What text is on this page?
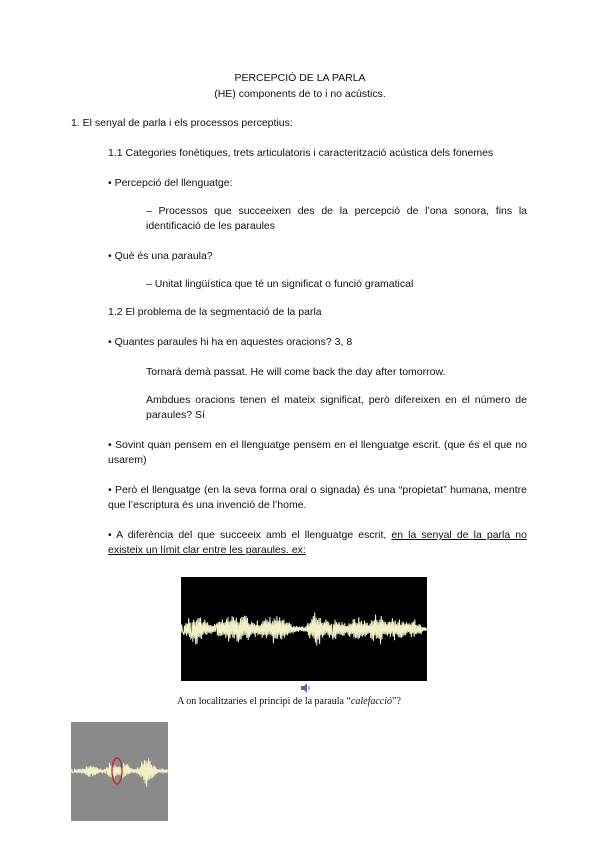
PERCEPCIÓ DE LA PARLA
(HE) components de to i no acústics.
1. El senyal de parla i els processos perceptius:
1.1 Categories fonètiques, trets articulatoris i caracterització acústica dels fonemes
• Percepció del llenguatge:
– Processos que succeeixen des de la percepció de l’ona sonora, fins la identificació de les paraules
• Què és una paraula?
– Unitat lingüística que té un significat o funció gramatical
1.2 El problema de la segmentació de la parla
• Quantes paraules hi ha en aquestes oracions? 3, 8
Tornarà demà passat. He will come back the day after tomorrow.
Ambdues oracions tenen el mateix significat, però difereixen en el número de paraules? Sí
• Sovint quan pensem en el llenguatge pensem en el llenguatge escrit. (que és el que no usarem)
• Però el llenguatge (en la seva forma oral o signada) és una “propietat” humana, mentre que l’escriptura és una invenció de l’home.
• A diferència del que succeeix amb el llenguatge escrit, en la senyal de la parla no existeix un límit clar entre les paraules. ex:
A on localitzaries el principi de la paraula “calefacció”?
